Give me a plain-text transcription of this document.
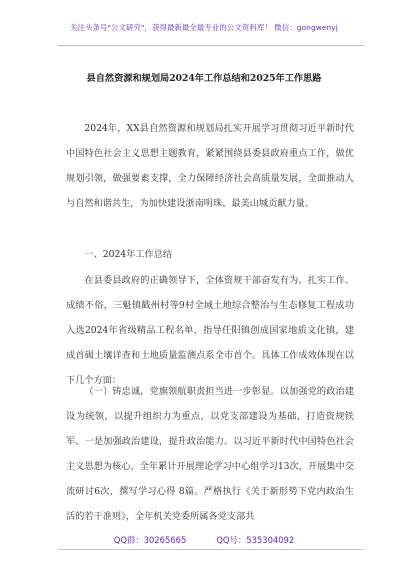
关注头条号"公文研究"，获得最新最全最专业的公文资料库！ 微信：gongwenyj
县自然资源和规划局2024年工作总结和2025年工作思路

2024年，XX县自然资源和规划局扎实开展学习贯彻习近平新时代中国特色社会主义思想主题教育，紧紧围绕县委县政府重点工作，做优规划引领，做强要素支撑，全力保障经济社会高质量发展，全面推动人与自然和谐共生，为加快建设浙南明珠、最美山城贡献力量。

一、2024年工作总结

在县委县政府的正确领导下，全体资规干部奋发有为、扎实工作、成绩不俗，三魁镇戳州村等9村全域土地综合整治与生态修复工程成功入选2024年省级精品工程名单，指导任阳镇创成国家地质文化镇，建成首碣土壤详查和土地质量监测点系全市首个。具体工作成效体现在以下几个方面：

（一）铸忠诚，党旗领航职责担当进一步彰显。以加强党的政治建设为统领，以提升组织力为重点，以党支部建设为基础，打造资规铁军。一是加强政治建设，提升政治能力。以习近平新时代中国特色社会主义思想为核心，全年累计开展理论学习中心组学习13次，开展集中交流研讨6次，撰写学习心得 8篇。严格执行《关于新形势下党内政治生活的若干准则》，全年机关党委所属各党支部共

QQ群：30265665	QQ号：535304092
